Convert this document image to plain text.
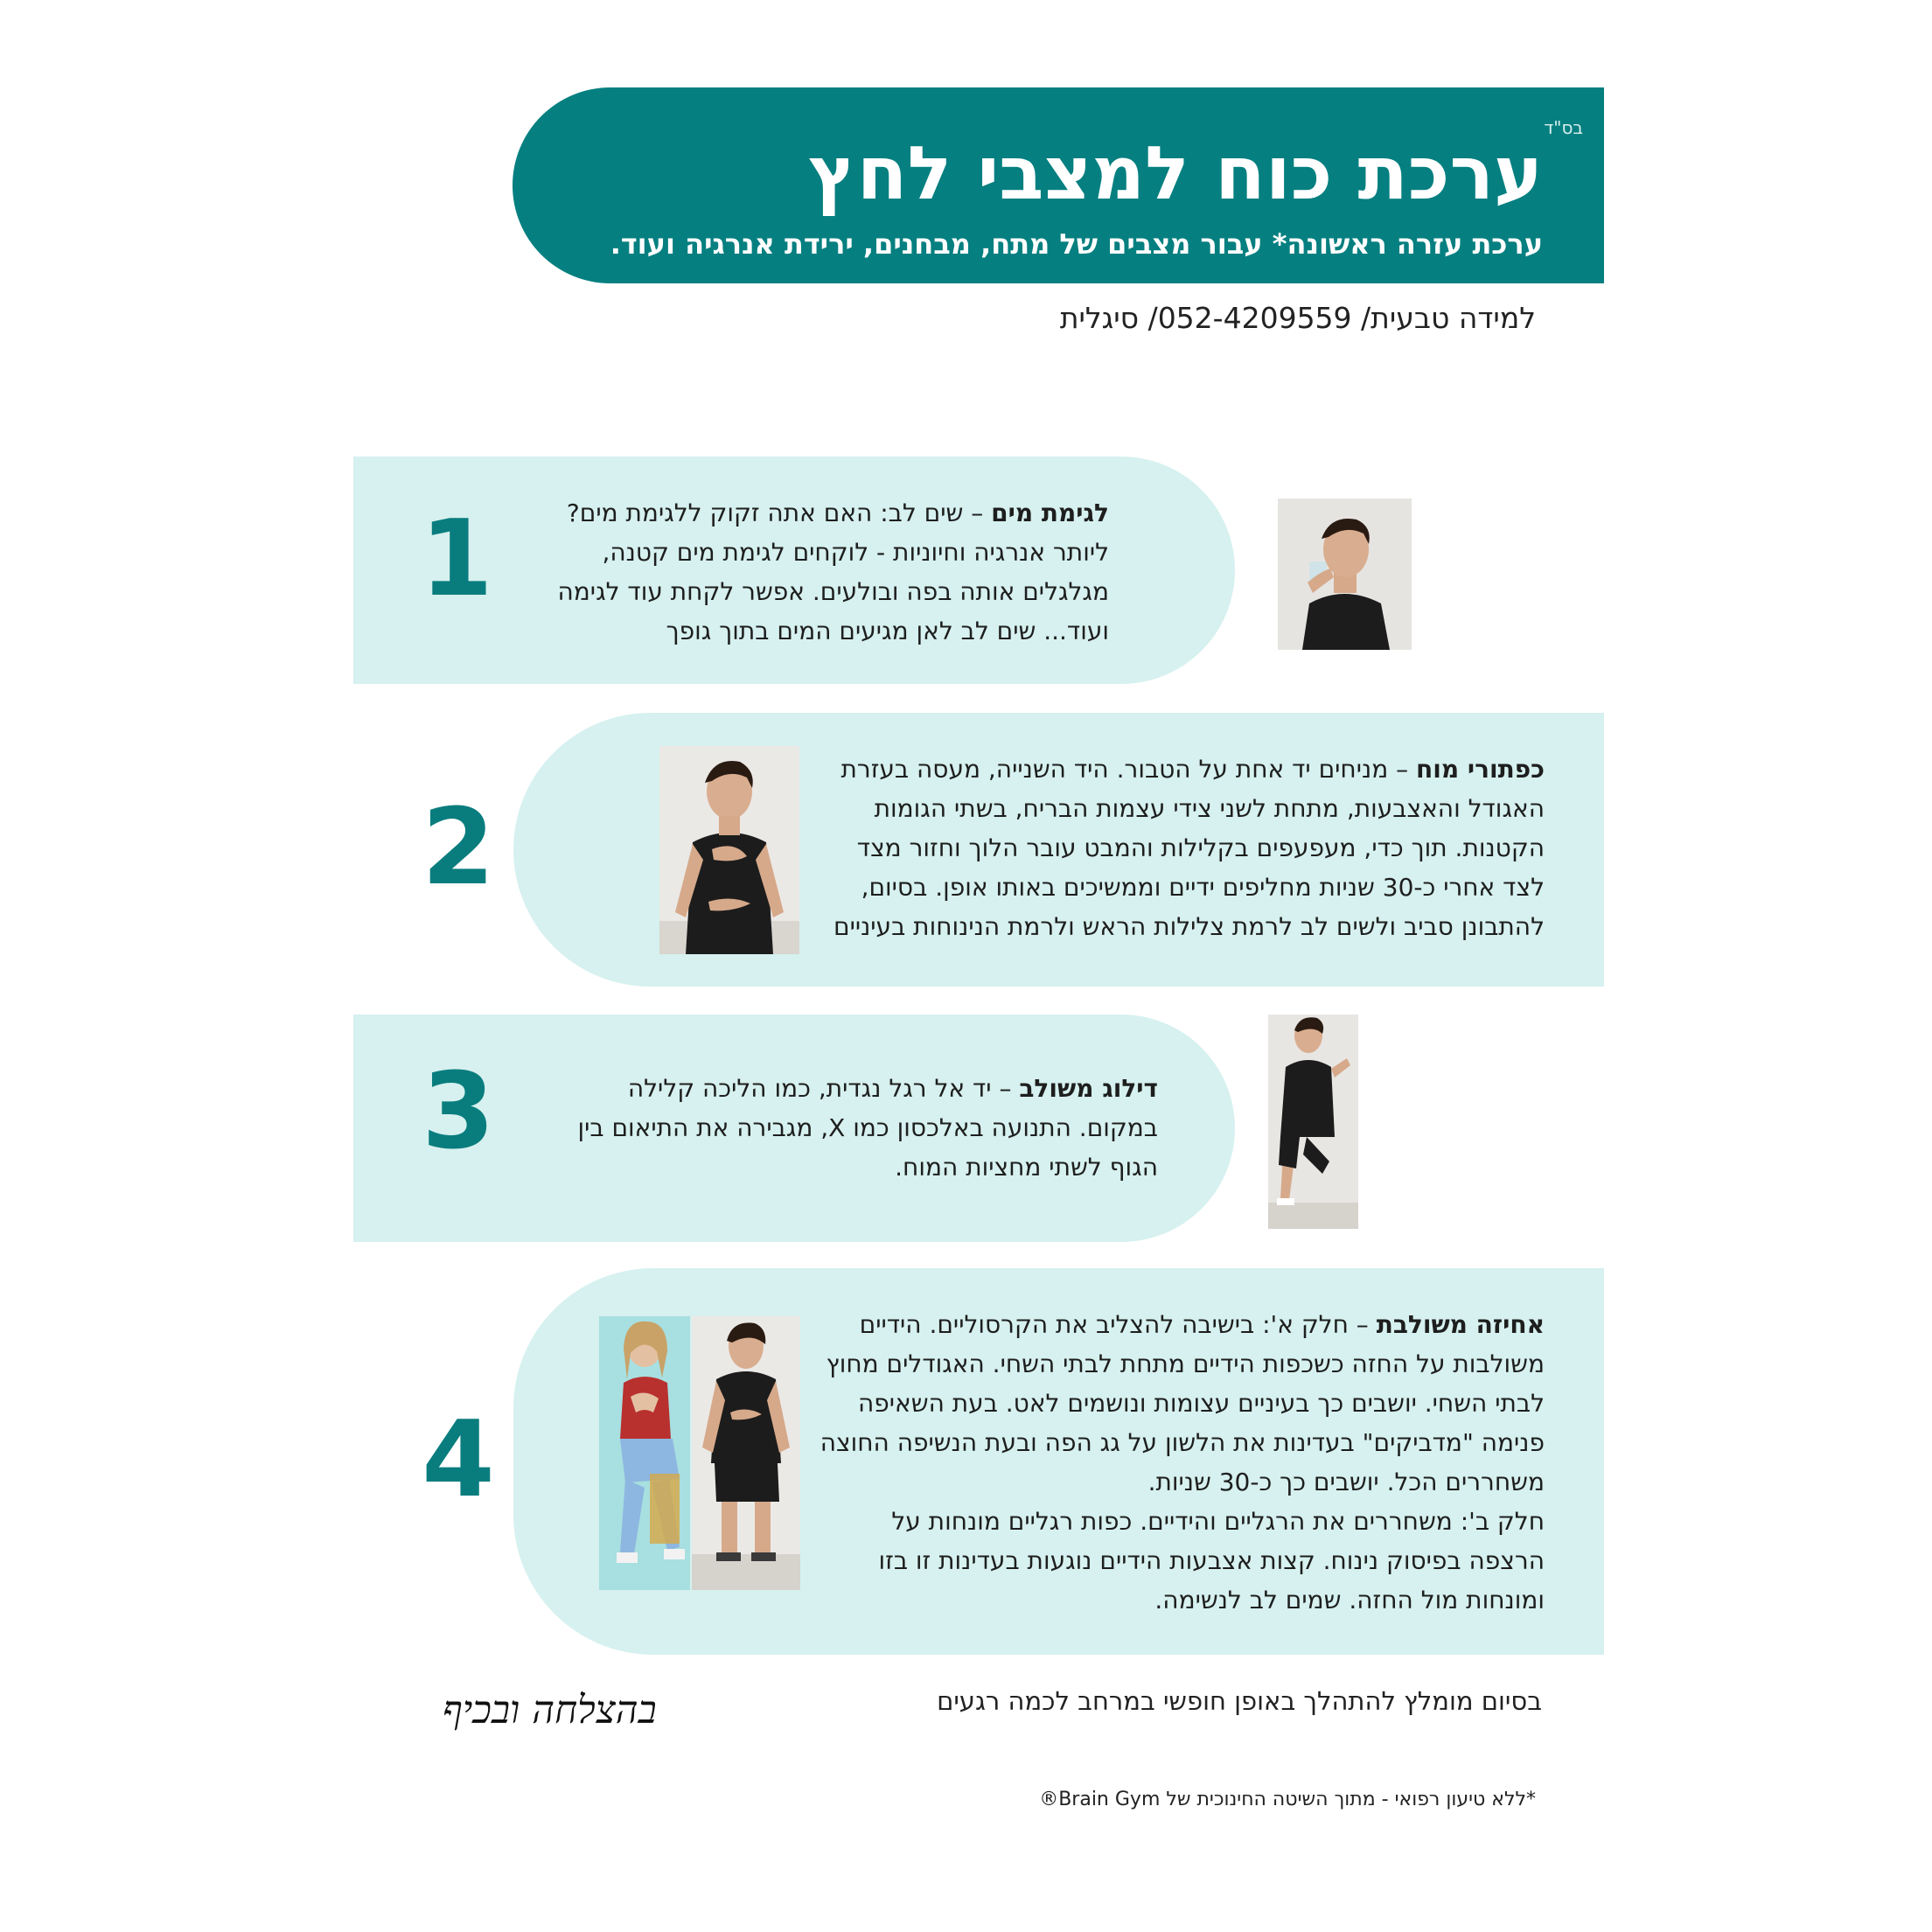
בס"ד
ערכת כוח למצבי לחץ
ערכת עזרה ראשונה* עבור מצבים של מתח, מבחנים, ירידת אנרגיה ועוד.
למידה טבעית/ 052-4209559/ סיגלית
1	לגימת מים – שים לב: האם אתה זקוק ללגימת מים? ליותר אנרגיה וחיוניות - לוקחים לגימת מים קטנה, מגלגלים אותה בפה ובולעים. אפשר לקחת עוד לגימה ועוד... שים לב לאן מגיעים המים בתוך גופך
2
כפתורי מוח – מניחים יד אחת על הטבור. היד השנייה, מעסה בעזרת האגודל והאצבעות, מתחת לשני צידי עצמות הבריח, בשתי הגומות הקטנות. תוך כדי, מעפעפים בקלילות והמבט עובר הלוך וחזור מצד לצד אחרי כ-30 שניות מחליפים ידיים וממשיכים באותו אופן. בסיום, להתבונן סביב ולשים לב לרמת צלילות הראש ולרמת הנינוחות בעיניים
3	דילוג משולב – יד אל רגל נגדית, כמו הליכה קלילה במקום. התנועה באלכסון כמו X, מגבירה את התיאום בין הגוף לשתי מחציות המוח.
4
אחיזה משולבת – חלק א': בישיבה להצליב את הקרסוליים. הידיים משולבות על החזה כשכפות הידיים מתחת לבתי השחי. האגודלים מחוץ לבתי השחי. יושבים כך בעיניים עצומות ונושמים לאט. בעת השאיפה פנימה "מדביקים" בעדינות את הלשון על גג הפה ובעת הנשיפה החוצה משחררים הכל. יושבים כך כ-30 שניות.
חלק ב': משחררים את הרגליים והידיים. כפות רגליים מונחות על הרצפה בפיסוק נינוח. קצות אצבעות הידיים נוגעות בעדינות זו בזו ומונחות מול החזה. שמים לב לנשימה.
בסיום מומלץ להתהלך באופן חופשי במרחב לכמה רגעים
בהצלחה ובכיף
*ללא טיעון רפואי - מתוך השיטה החינוכית של Brain Gym®
